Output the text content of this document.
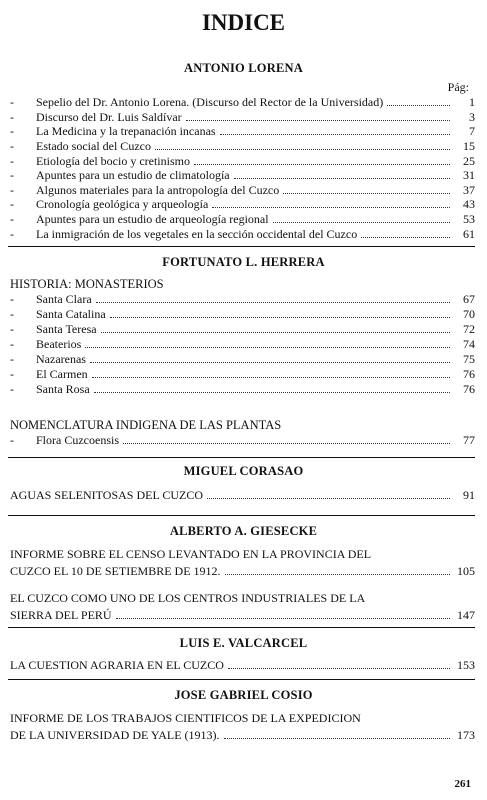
INDICE
ANTONIO LORENA
Pág:
-	Sepelio del Dr. Antonio Lorena. (Discurso del Rector de la Universidad)	1
-	Discurso del Dr. Luis Saldívar	3
-	La Medicina y la trepanación incanas	7
-	Estado social del Cuzco	15
-	Etiología del bocio y cretinismo	25
-	Apuntes para un estudio de climatología	31
-	Algunos materiales para la antropología del Cuzco	37
-	Cronología geológica y arqueología	43
-	Apuntes para un estudio de arqueología regional	53
-	La inmigración de los vegetales en la sección occidental del Cuzco	61
FORTUNATO L. HERRERA
HISTORIA: MONASTERIOS
-	Santa Clara	67
-	Santa Catalina	70
-	Santa Teresa	72
-	Beaterios	74
-	Nazarenas	75
-	El Carmen	76
-	Santa Rosa	76
NOMENCLATURA INDIGENA DE LAS PLANTAS
-	Flora Cuzcoensis	77
MIGUEL CORASAO
AGUAS SELENITOSAS DEL CUZCO	91
ALBERTO A. GIESECKE
INFORME SOBRE EL CENSO LEVANTADO EN LA PROVINCIA DEL
CUZCO EL 10 DE SETIEMBRE DE 1912.	105
EL CUZCO COMO UNO DE LOS CENTROS INDUSTRIALES DE LA
SIERRA DEL PERÚ	147
LUIS E. VALCARCEL
LA CUESTION AGRARIA EN EL CUZCO	153
JOSE GABRIEL COSIO
INFORME DE LOS TRABAJOS CIENTIFICOS DE LA EXPEDICION
DE LA UNIVERSIDAD DE YALE (1913).	173
261
